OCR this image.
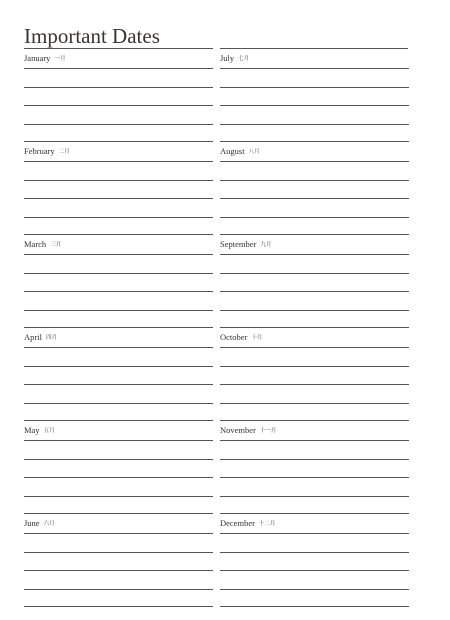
Important Dates
January 一月
February 二月
March 三月
April 四月
May 五月
June 六月
July 七月
August 八月
September 九月
October 十月
November 十一月
December 十二月
